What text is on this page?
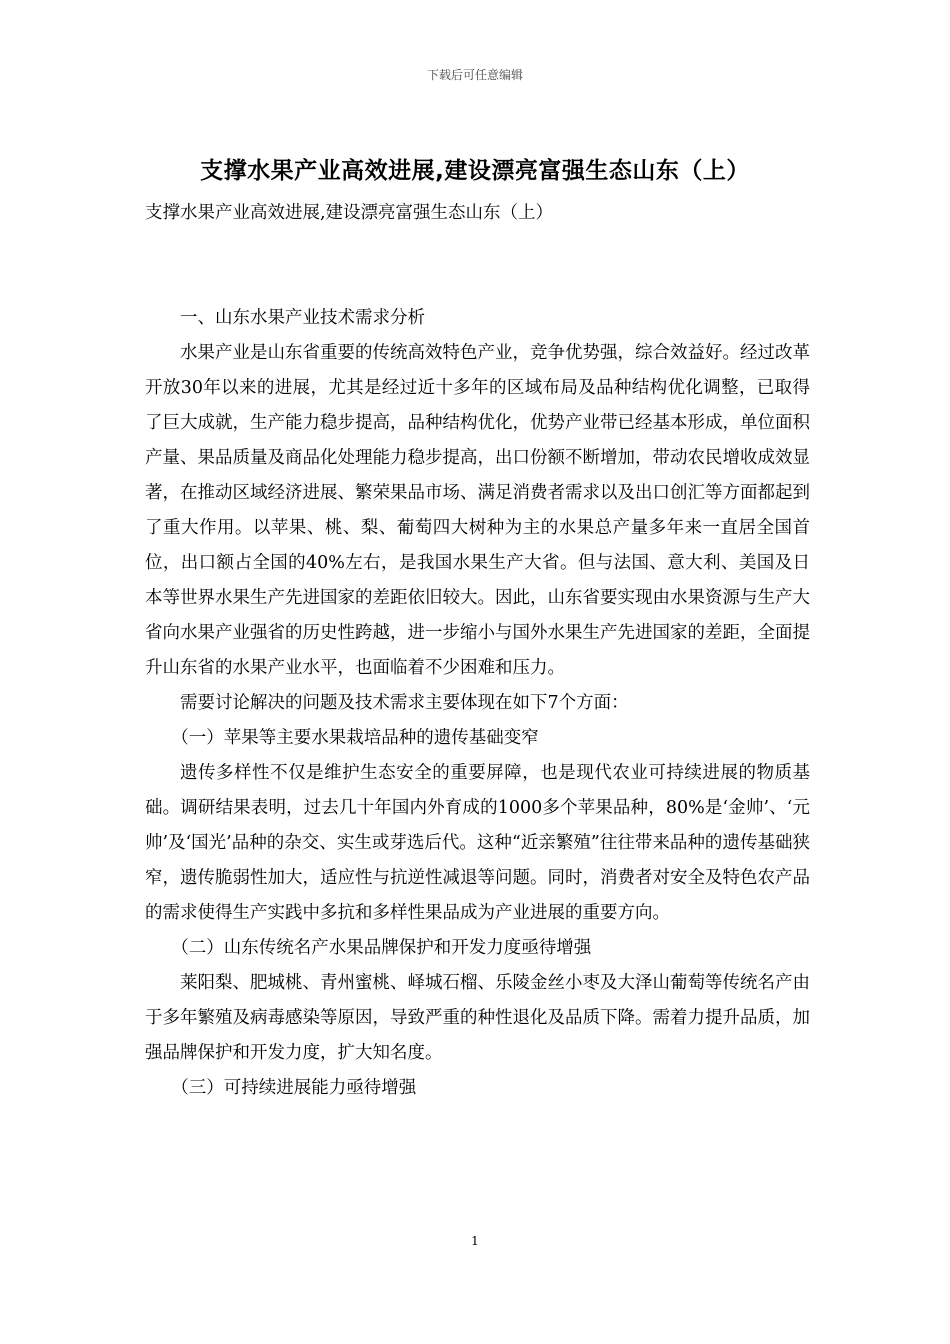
下载后可任意编辑
支撑水果产业高效进展,建设漂亮富强生态山东（上）

支撑水果产业高效进展,建设漂亮富强生态山东（上）

一、山东水果产业技术需求分析

水果产业是山东省重要的传统高效特色产业，竞争优势强，综合效益好。经过改革开放30年以来的进展，尤其是经过近十多年的区域布局及品种结构优化调整，已取得了巨大成就，生产能力稳步提高，品种结构优化，优势产业带已经基本形成，单位面积产量、果品质量及商品化处理能力稳步提高，出口份额不断增加，带动农民增收成效显著，在推动区域经济进展、繁荣果品市场、满足消费者需求以及出口创汇等方面都起到了重大作用。以苹果、桃、梨、葡萄四大树种为主的水果总产量多年来一直居全国首位，出口额占全国的40%左右，是我国水果生产大省。但与法国、意大利、美国及日本等世界水果生产先进国家的差距依旧较大。因此，山东省要实现由水果资源与生产大省向水果产业强省的历史性跨越，进一步缩小与国外水果生产先进国家的差距，全面提升山东省的水果产业水平，也面临着不少困难和压力。

需要讨论解决的问题及技术需求主要体现在如下7个方面：

（一）苹果等主要水果栽培品种的遗传基础变窄

遗传多样性不仅是维护生态安全的重要屏障，也是现代农业可持续进展的物质基础。调研结果表明，过去几十年国内外育成的1000多个苹果品种，80%是‘金帅’、‘元帅’及‘国光’品种的杂交、实生或芽选后代。这种“近亲繁殖”往往带来品种的遗传基础狭窄，遗传脆弱性加大，适应性与抗逆性减退等问题。同时，消费者对安全及特色农产品的需求使得生产实践中多抗和多样性果品成为产业进展的重要方向。

（二）山东传统名产水果品牌保护和开发力度亟待增强

莱阳梨、肥城桃、青州蜜桃、峄城石榴、乐陵金丝小枣及大泽山葡萄等传统名产由于多年繁殖及病毒感染等原因，导致严重的种性退化及品质下降。需着力提升品质，加强品牌保护和开发力度，扩大知名度。

（三）可持续进展能力亟待增强

1
